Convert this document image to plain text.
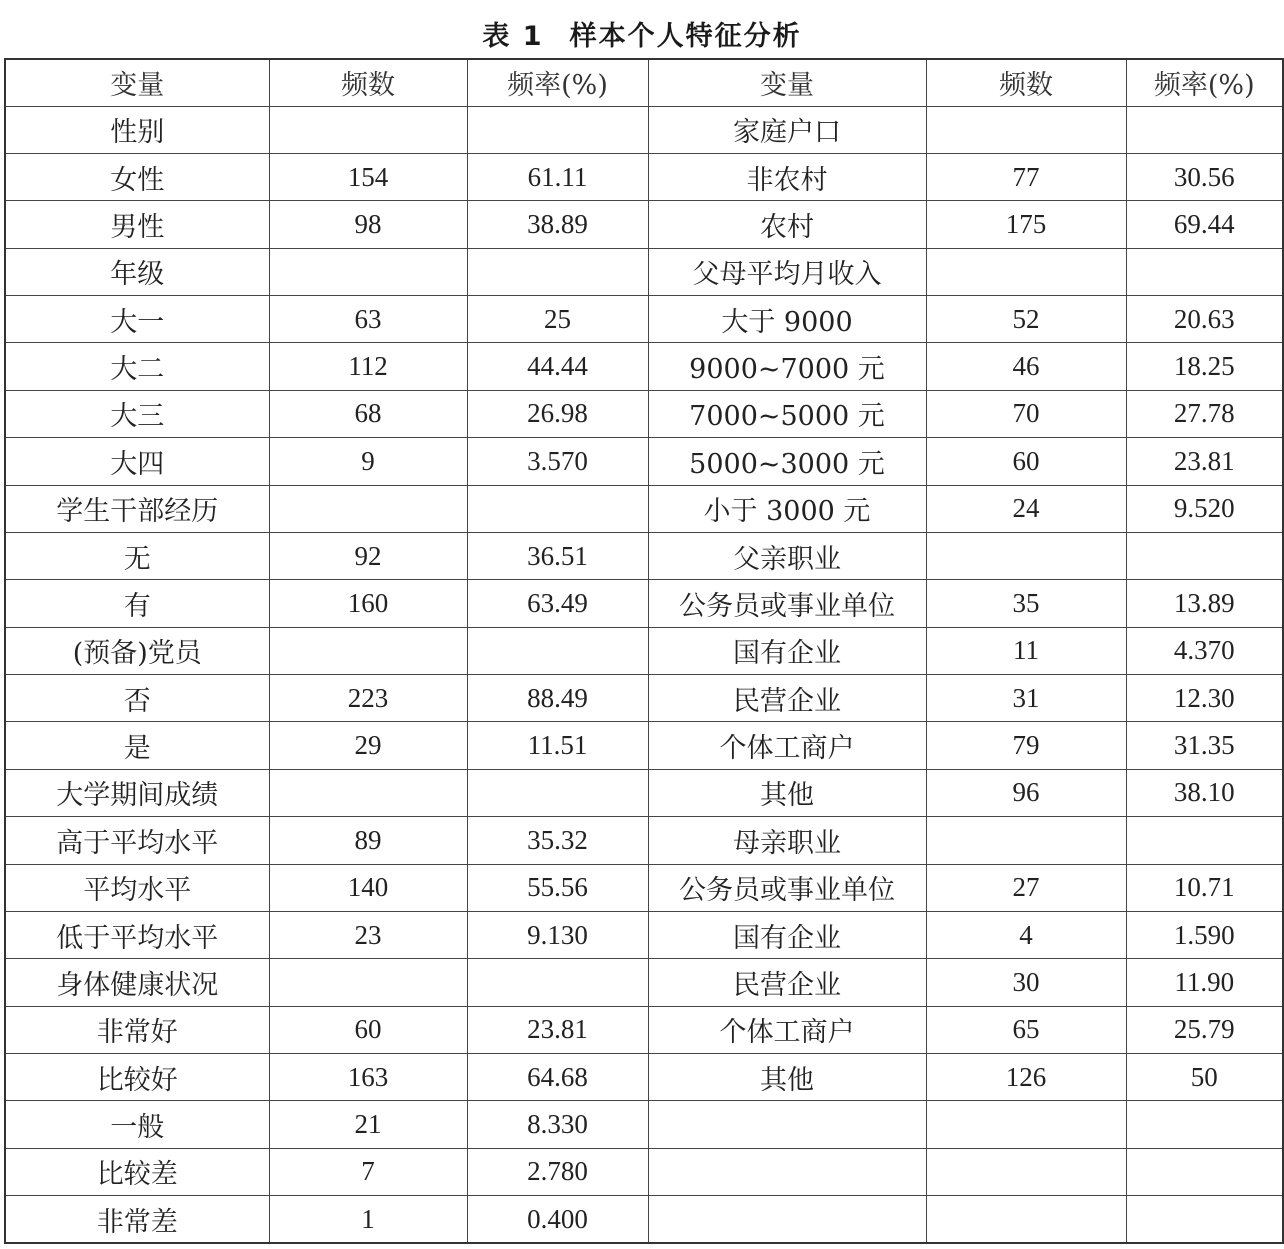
表 1 样本个人特征分析
变量	频数	频率(%)	变量	频数	频率(%)
性别			家庭户口		
女性	154	61.11	非农村	77	30.56
男性	98	38.89	农村	175	69.44
年级			父母平均月收入		
大一	63	25	大于 9000	52	20.63
大二	112	44.44	9000~7000 元	46	18.25
大三	68	26.98	7000~5000 元	70	27.78
大四	9	3.570	5000~3000 元	60	23.81
学生干部经历			小于 3000 元	24	9.520
无	92	36.51	父亲职业		
有	160	63.49	公务员或事业单位	35	13.89
(预备)党员			国有企业	11	4.370
否	223	88.49	民营企业	31	12.30
是	29	11.51	个体工商户	79	31.35
大学期间成绩			其他	96	38.10
高于平均水平	89	35.32	母亲职业		
平均水平	140	55.56	公务员或事业单位	27	10.71
低于平均水平	23	9.130	国有企业	4	1.590
身体健康状况			民营企业	30	11.90
非常好	60	23.81	个体工商户	65	25.79
比较好	163	64.68	其他	126	50
一般	21	8.330			
比较差	7	2.780			
非常差	1	0.400			
